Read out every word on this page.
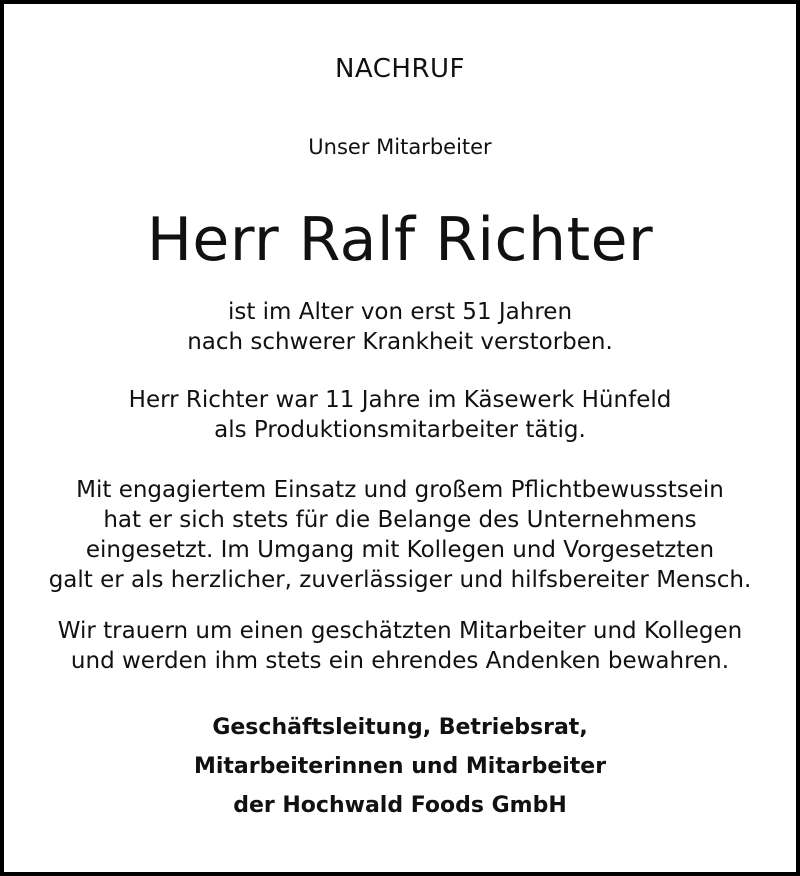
NACHRUF
Unser Mitarbeiter
Herr Ralf Richter
ist im Alter von erst 51 Jahren
nach schwerer Krankheit verstorben.
Herr Richter war 11 Jahre im Käsewerk Hünfeld
als Produktionsmitarbeiter tätig.
Mit engagiertem Einsatz und großem Pflichtbewusstsein
hat er sich stets für die Belange des Unternehmens
eingesetzt. Im Umgang mit Kollegen und Vorgesetzten
galt er als herzlicher, zuverlässiger und hilfsbereiter Mensch.
Wir trauern um einen geschätzten Mitarbeiter und Kollegen
und werden ihm stets ein ehrendes Andenken bewahren.
Geschäftsleitung, Betriebsrat,
Mitarbeiterinnen und Mitarbeiter
der Hochwald Foods GmbH
